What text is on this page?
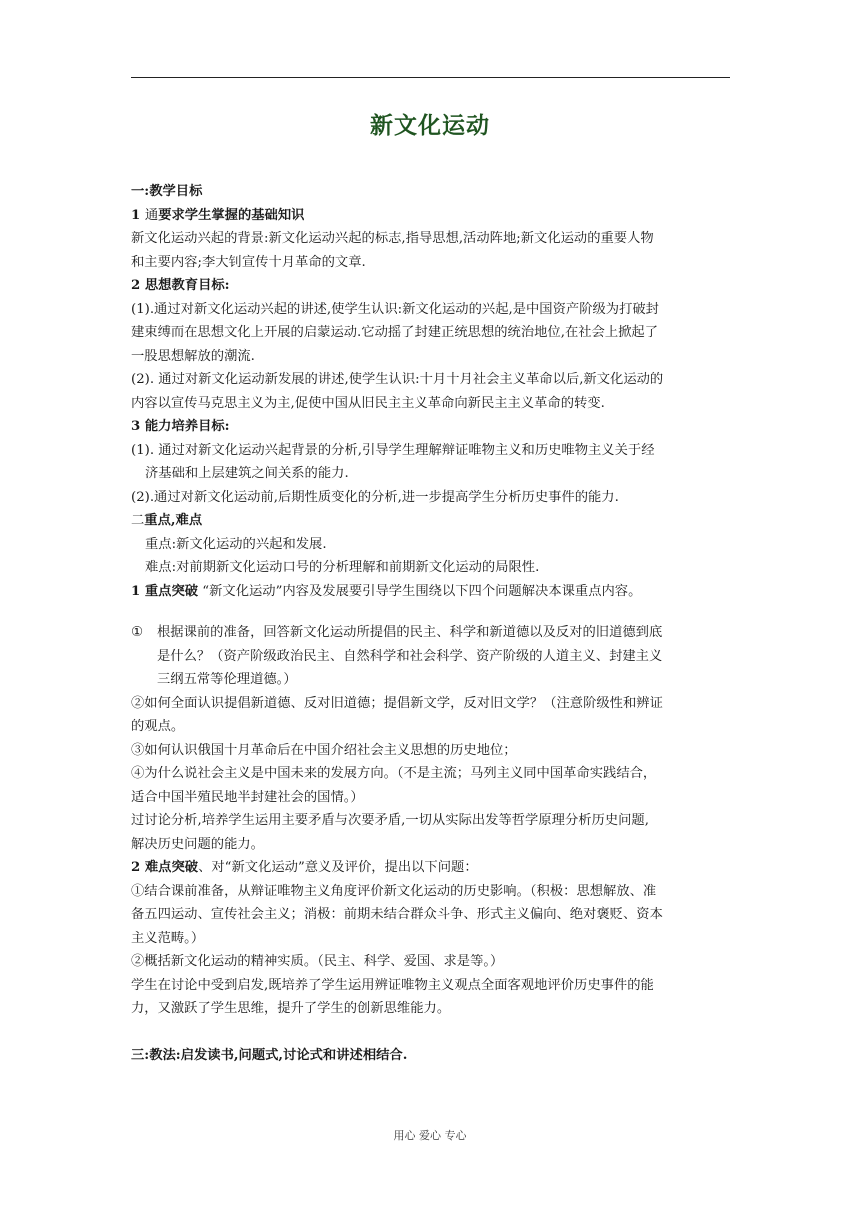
新文化运动
一:教学目标
1 通要求学生掌握的基础知识
新文化运动兴起的背景:新文化运动兴起的标志,指导思想,活动阵地;新文化运动的重要人物
和主要内容;李大钊宣传十月革命的文章.
2 思想教育目标:
(1).通过对新文化运动兴起的讲述,使学生认识:新文化运动的兴起,是中国资产阶级为打破封
建束缚而在思想文化上开展的启蒙运动.它动摇了封建正统思想的统治地位,在社会上掀起了
一股思想解放的潮流.
(2). 通过对新文化运动新发展的讲述,使学生认识:十月十月社会主义革命以后,新文化运动的
内容以宣传马克思主义为主,促使中国从旧民主主义革命向新民主主义革命的转变.
3 能力培养目标:
(1). 通过对新文化运动兴起背景的分析,引导学生理解辩证唯物主义和历史唯物主义关于经
济基础和上层建筑之间关系的能力.
(2).通过对新文化运动前,后期性质变化的分析,进一步提高学生分析历史事件的能力.
二重点,难点
重点:新文化运动的兴起和发展.
难点:对前期新文化运动口号的分析理解和前期新文化运动的局限性.
1 重点突破 “新文化运动”内容及发展要引导学生围绕以下四个问题解决本课重点内容。
①	根据课前的准备，回答新文化运动所提倡的民主、科学和新道德以及反对的旧道德到底
是什么？（资产阶级政治民主、自然科学和社会科学、资产阶级的人道主义、封建主义
三纲五常等伦理道德。）
②如何全面认识提倡新道德、反对旧道德；提倡新文学，反对旧文学？（注意阶级性和辨证
的观点。
③如何认识俄国十月革命后在中国介绍社会主义思想的历史地位；
④为什么说社会主义是中国未来的发展方向。（不是主流；马列主义同中国革命实践结合，
适合中国半殖民地半封建社会的国情。）
过讨论分析,培养学生运用主要矛盾与次要矛盾,一切从实际出发等哲学原理分析历史问题,
解决历史问题的能力。
2 难点突破、对“新文化运动”意义及评价，提出以下问题：
①结合课前准备，从辩证唯物主义角度评价新文化运动的历史影响。（积极：思想解放、准
备五四运动、宣传社会主义；消极：前期未结合群众斗争、形式主义偏向、绝对褒贬、资本
主义范畴。）
②概括新文化运动的精神实质。（民主、科学、爱国、求是等。）
学生在讨论中受到启发,既培养了学生运用辨证唯物主义观点全面客观地评价历史事件的能
力，又激跃了学生思维，提升了学生的创新思维能力。
三:教法:启发读书,问题式,讨论式和讲述相结合.
用心 爱心 专心
